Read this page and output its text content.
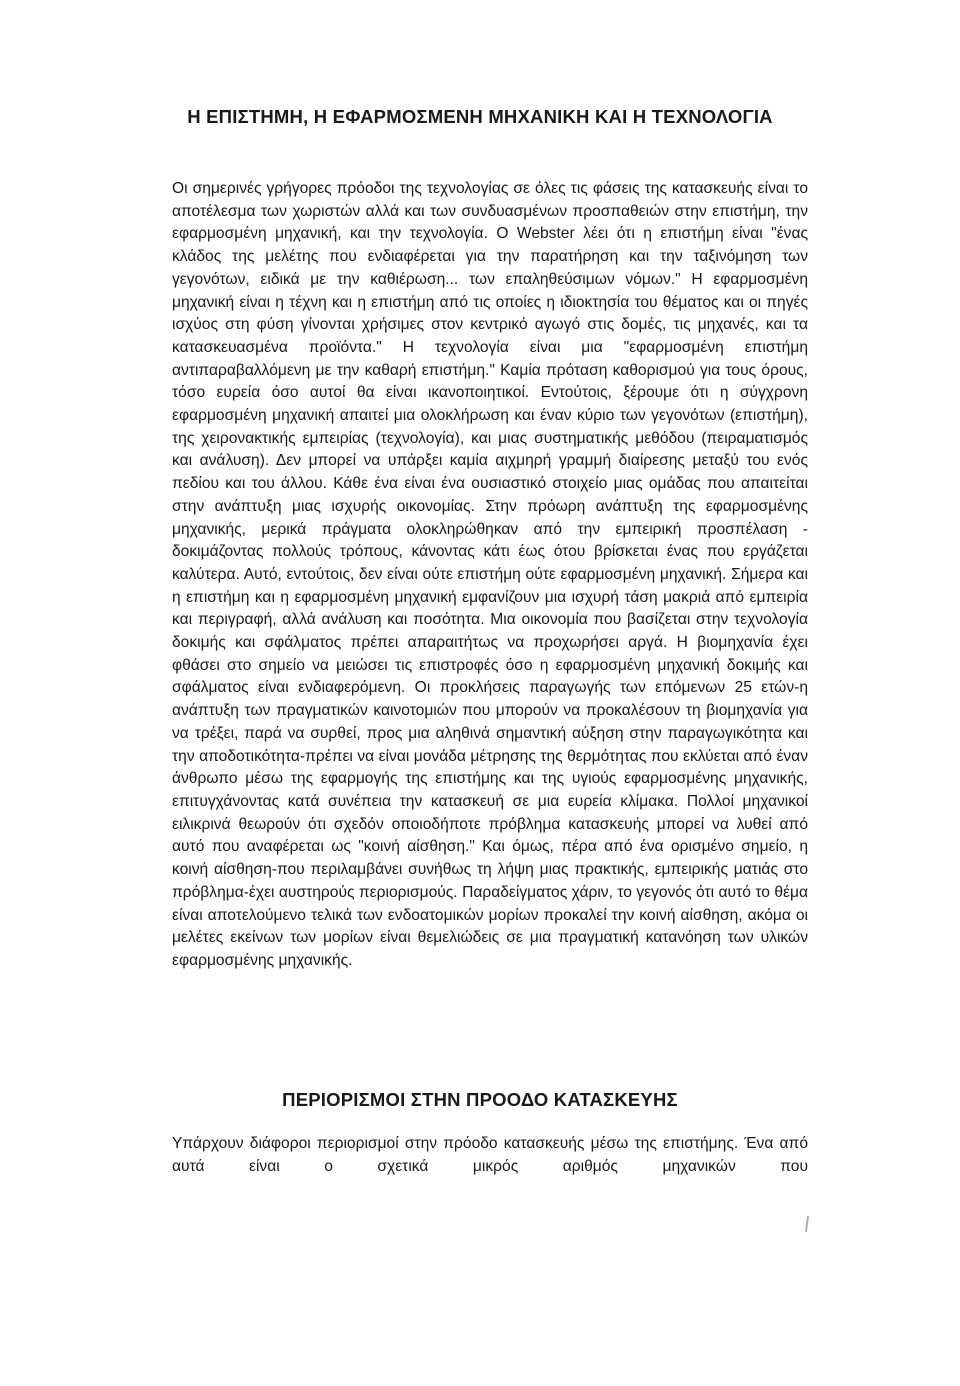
Η ΕΠΙΣΤΗΜΗ, Η ΕΦΑΡΜΟΣΜΕΝΗ ΜΗΧΑΝΙΚΗ ΚΑΙ Η ΤΕΧΝΟΛΟΓΙΑ

Οι σημερινές γρήγορες πρόοδοι της τεχνολογίας σε όλες τις φάσεις της κατασκευής είναι το αποτέλεσμα των χωριστών αλλά και των συνδυασμένων προσπαθειών στην επιστήμη, την εφαρμοσμένη μηχανική, και την τεχνολογία. Ο Webster λέει ότι η επιστήμη είναι "ένας κλάδος της μελέτης που ενδιαφέρεται για την παρατήρηση και την ταξινόμηση των γεγονότων, ειδικά με την καθιέρωση... των επαληθεύσιμων νόμων." Η εφαρμοσμένη μηχανική είναι η τέχνη και η επιστήμη από τις οποίες η ιδιοκτησία του θέματος και οι πηγές ισχύος στη φύση γίνονται χρήσιμες στον κεντρικό αγωγό στις δομές, τις μηχανές, και τα κατασκευασμένα προϊόντα." Η τεχνολογία είναι μια "εφαρμοσμένη επιστήμη αντιπαραβαλλόμενη με την καθαρή επιστήμη." Καμία πρόταση καθορισμού για τους όρους, τόσο ευρεία όσο αυτοί θα είναι ικανοποιητικοί. Εντούτοις, ξέρουμε ότι η σύγχρονη εφαρμοσμένη μηχανική απαιτεί μια ολοκλήρωση και έναν κύριο των γεγονότων (επιστήμη), της χειρονακτικής εμπειρίας (τεχνολογία), και μιας συστηματικής μεθόδου (πειραματισμός και ανάλυση). Δεν μπορεί να υπάρξει καμία αιχμηρή γραμμή διαίρεσης μεταξύ του ενός πεδίου και του άλλου. Κάθε ένα είναι ένα ουσιαστικό στοιχείο μιας ομάδας που απαιτείται στην ανάπτυξη μιας ισχυρής οικονομίας. Στην πρόωρη ανάπτυξη της εφαρμοσμένης μηχανικής, μερικά πράγματα ολοκληρώθηκαν από την εμπειρική προσπέλαση - δοκιμάζοντας πολλούς τρόπους, κάνοντας κάτι έως ότου βρίσκεται ένας που εργάζεται καλύτερα. Αυτό, εντούτοις, δεν είναι ούτε επιστήμη ούτε εφαρμοσμένη μηχανική. Σήμερα και η επιστήμη και η εφαρμοσμένη μηχανική εμφανίζουν μια ισχυρή τάση μακριά από εμπειρία και περιγραφή, αλλά ανάλυση και ποσότητα. Μια οικονομία που βασίζεται στην τεχνολογία δοκιμής και σφάλματος πρέπει απαραιτήτως να προχωρήσει αργά. Η βιομηχανία έχει φθάσει στο σημείο να μειώσει τις επιστροφές όσο η εφαρμοσμένη μηχανική δοκιμής και σφάλματος είναι ενδιαφερόμενη. Οι προκλήσεις παραγωγής των επόμενων 25 ετών-η ανάπτυξη των πραγματικών καινοτομιών που μπορούν να προκαλέσουν τη βιομηχανία για να τρέξει, παρά να συρθεί, προς μια αληθινά σημαντική αύξηση στην παραγωγικότητα και την αποδοτικότητα-πρέπει να είναι μονάδα μέτρησης της θερμότητας που εκλύεται από έναν άνθρωπο μέσω της εφαρμογής της επιστήμης και της υγιούς εφαρμοσμένης μηχανικής, επιτυγχάνοντας κατά συνέπεια την κατασκευή σε μια ευρεία κλίμακα. Πολλοί μηχανικοί ειλικρινά θεωρούν ότι σχεδόν οποιοδήποτε πρόβλημα κατασκευής μπορεί να λυθεί από αυτό που αναφέρεται ως "κοινή αίσθηση." Και όμως, πέρα από ένα ορισμένο σημείο, η κοινή αίσθηση-που περιλαμβάνει συνήθως τη λήψη μιας πρακτικής, εμπειρικής ματιάς στο πρόβλημα-έχει αυστηρούς περιορισμούς. Παραδείγματος χάριν, το γεγονός ότι αυτό το θέμα είναι αποτελούμενο τελικά των ενδοατομικών μορίων προκαλεί την κοινή αίσθηση, ακόμα οι μελέτες εκείνων των μορίων είναι θεμελιώδεις σε μια πραγματική κατανόηση των υλικών εφαρμοσμένης μηχανικής.

ΠΕΡΙΟΡΙΣΜΟΙ ΣΤΗΝ ΠΡΟΟΔΟ ΚΑΤΑΣΚΕΥΗΣ

Υπάρχουν διάφοροι περιορισμοί στην πρόοδο κατασκευής μέσω της επιστήμης. Ένα από αυτά είναι ο σχετικά μικρός αριθμός μηχανικών που
